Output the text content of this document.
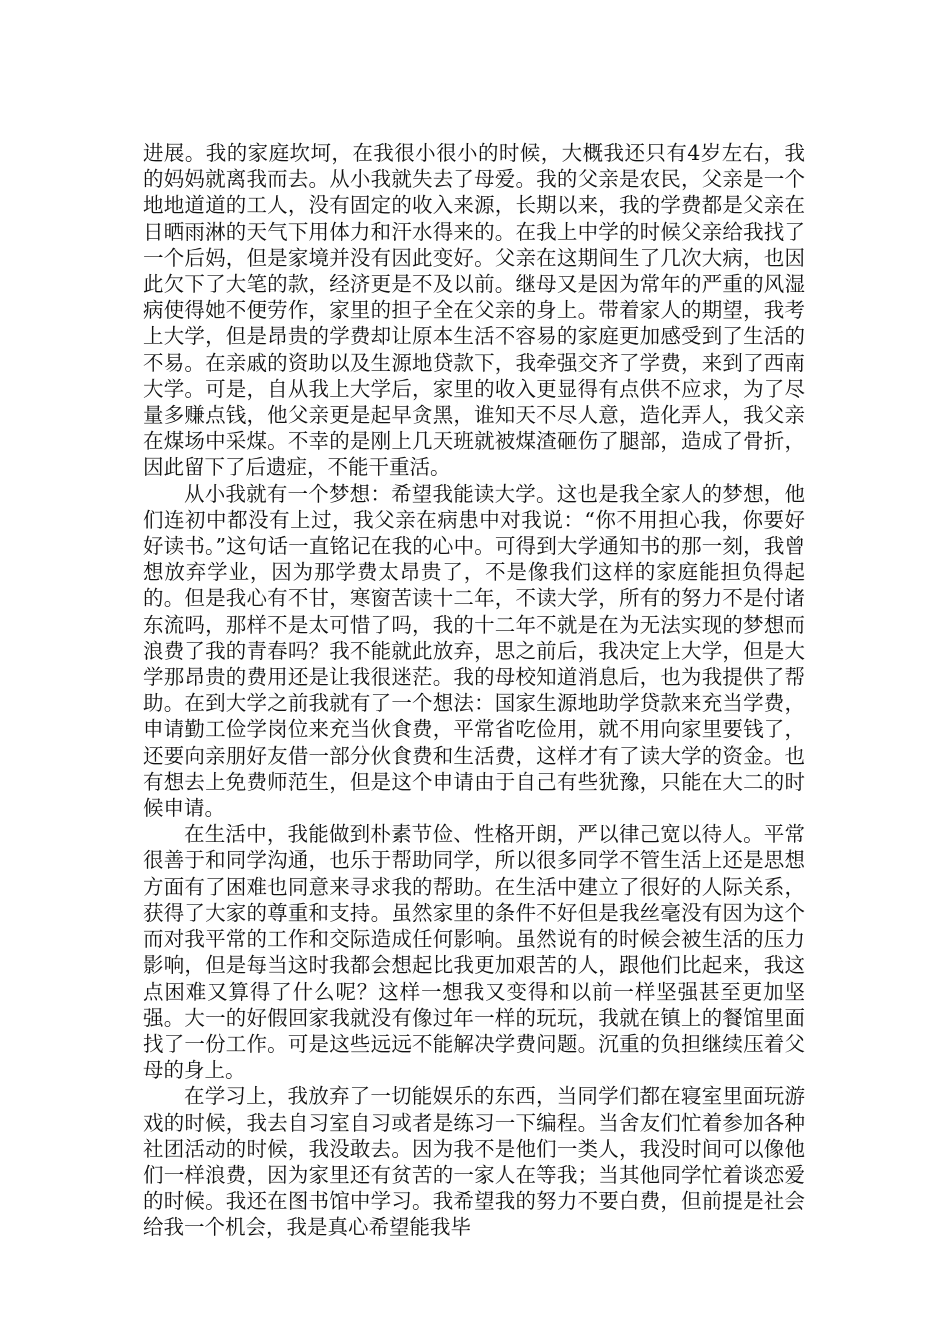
进展。我的家庭坎坷，在我很小很小的时候，大概我还只有4岁左右，我的妈妈就离我而去。从小我就失去了母爱。我的父亲是农民，父亲是一个地地道道的工人，没有固定的收入来源，长期以来，我的学费都是父亲在日晒雨淋的天气下用体力和汗水得来的。在我上中学的时候父亲给我找了一个后妈，但是家境并没有因此变好。父亲在这期间生了几次大病，也因此欠下了大笔的款，经济更是不及以前。继母又是因为常年的严重的风湿病使得她不便劳作，家里的担子全在父亲的身上。带着家人的期望，我考上大学，但是昂贵的学费却让原本生活不容易的家庭更加感受到了生活的不易。在亲戚的资助以及生源地贷款下，我牵强交齐了学费，来到了西南大学。可是，自从我上大学后，家里的收入更显得有点供不应求，为了尽量多赚点钱，他父亲更是起早贪黑，谁知天不尽人意，造化弄人，我父亲在煤场中采煤。不幸的是刚上几天班就被煤渣砸伤了腿部，造成了骨折，因此留下了后遗症，不能干重活。

从小我就有一个梦想：希望我能读大学。这也是我全家人的梦想，他们连初中都没有上过，我父亲在病患中对我说：“你不用担心我，你要好好读书。”这句话一直铭记在我的心中。可得到大学通知书的那一刻，我曾想放弃学业，因为那学费太昂贵了，不是像我们这样的家庭能担负得起的。但是我心有不甘，寒窗苦读十二年，不读大学，所有的努力不是付诸东流吗，那样不是太可惜了吗，我的十二年不就是在为无法实现的梦想而浪费了我的青春吗？我不能就此放弃，思之前后，我决定上大学，但是大学那昂贵的费用还是让我很迷茫。我的母校知道消息后，也为我提供了帮助。在到大学之前我就有了一个想法：国家生源地助学贷款来充当学费，申请勤工俭学岗位来充当伙食费，平常省吃俭用，就不用向家里要钱了，还要向亲朋好友借一部分伙食费和生活费，这样才有了读大学的资金。也有想去上免费师范生，但是这个申请由于自己有些犹豫，只能在大二的时候申请。

在生活中，我能做到朴素节俭、性格开朗，严以律己宽以待人。平常很善于和同学沟通，也乐于帮助同学，所以很多同学不管生活上还是思想方面有了困难也同意来寻求我的帮助。在生活中建立了很好的人际关系，获得了大家的尊重和支持。虽然家里的条件不好但是我丝毫没有因为这个而对我平常的工作和交际造成任何影响。虽然说有的时候会被生活的压力影响，但是每当这时我都会想起比我更加艰苦的人，跟他们比起来，我这点困难又算得了什么呢？这样一想我又变得和以前一样坚强甚至更加坚强。大一的好假回家我就没有像过年一样的玩玩，我就在镇上的餐馆里面找了一份工作。可是这些远远不能解决学费问题。沉重的负担继续压着父母的身上。

在学习上，我放弃了一切能娱乐的东西，当同学们都在寝室里面玩游戏的时候，我去自习室自习或者是练习一下编程。当舍友们忙着参加各种社团活动的时候，我没敢去。因为我不是他们一类人，我没时间可以像他们一样浪费，因为家里还有贫苦的一家人在等我；当其他同学忙着谈恋爱的时候。我还在图书馆中学习。我希望我的努力不要白费，但前提是社会给我一个机会，我是真心希望能我毕
